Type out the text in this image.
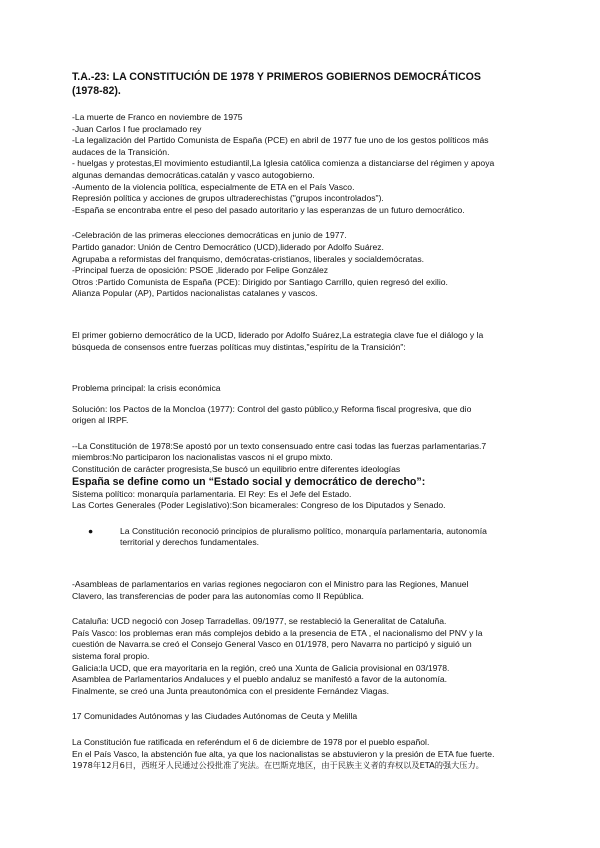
T.A.-23: LA CONSTITUCIÓN DE 1978 Y PRIMEROS GOBIERNOS DEMOCRÁTICOS
(1978-82).

-La muerte de Franco en noviembre de 1975

-Juan Carlos I fue proclamado rey

-La legalización del Partido Comunista de España (PCE) en abril de 1977 fue uno de los gestos políticos más

audaces de la Transición.

- huelgas y protestas,El movimiento estudiantil,La Iglesia católica comienza a distanciarse del régimen y apoya

algunas demandas democráticas.catalán y vasco autogobierno.

-Aumento de la violencia política, especialmente de ETA en el País Vasco.

Represión política y acciones de grupos ultraderechistas ("grupos incontrolados").

-España se encontraba entre el peso del pasado autoritario y las esperanzas de un futuro democrático.

-Celebración de las primeras elecciones democráticas en junio de 1977.

Partido ganador: Unión de Centro Democrático (UCD),liderado por Adolfo Suárez.

Agrupaba a reformistas del franquismo, demócratas-cristianos, liberales y socialdemócratas.

-Principal fuerza de oposición: PSOE ,liderado por Felipe González

Otros :Partido Comunista de España (PCE): Dirigido por Santiago Carrillo, quien regresó del exilio.

Alianza Popular (AP), Partidos nacionalistas catalanes y vascos.

El primer gobierno democrático de la UCD, liderado por Adolfo Suárez,La estrategia clave fue el diálogo y la

búsqueda de consensos entre fuerzas políticas muy distintas,"espíritu de la Transición":

Problema principal: la crisis económica

Solución: los Pactos de la Moncloa (1977): Control del gasto público,y Reforma fiscal progresiva, que dio

origen al IRPF.

--La Constitución de 1978:Se apostó por un texto consensuado entre casi todas las fuerzas parlamentarias.7

miembros:No participaron los nacionalistas vascos ni el grupo mixto.

Constitución de carácter progresista,Se buscó un equilibrio entre diferentes ideologías

España se define como un “Estado social y democrático de derecho”:

Sistema político: monarquía parlamentaria. El Rey: Es el Jefe del Estado.

Las Cortes Generales (Poder Legislativo):Son bicamerales: Congreso de los Diputados y Senado.

●	La Constitución reconoció principios de pluralismo político, monarquía parlamentaria, autonomía
territorial y derechos fundamentales.

-Asambleas de parlamentarios en varias regiones negociaron con el Ministro para las Regiones, Manuel

Clavero, las transferencias de poder para las autonomías como II República.

Cataluña: UCD negoció con Josep Tarradellas. 09/1977, se restableció la Generalitat de Cataluña.

País Vasco: los problemas eran más complejos debido a la presencia de ETA , el nacionalismo del PNV y la

cuestión de Navarra.se creó el Consejo General Vasco en 01/1978, pero Navarra no participó y siguió un

sistema foral propio.

Galicia:la UCD, que era mayoritaria en la región, creó una Xunta de Galicia provisional en 03/1978.

Asamblea de Parlamentarios Andaluces y el pueblo andaluz se manifestó a favor de la autonomía.

Finalmente, se creó una Junta preautonómica con el presidente Fernández Viagas.

17 Comunidades Autónomas y las Ciudades Autónomas de Ceuta y Melilla

La Constitución fue ratificada en referéndum el 6 de diciembre de 1978 por el pueblo español.

En el País Vasco, la abstención fue alta, ya que los nacionalistas se abstuvieron y la presión de ETA fue fuerte.

1978年12月6日，西班牙人民通过公投批准了宪法。在巴斯克地区，由于民族主义者的弃权以及ETA的强大压力。
